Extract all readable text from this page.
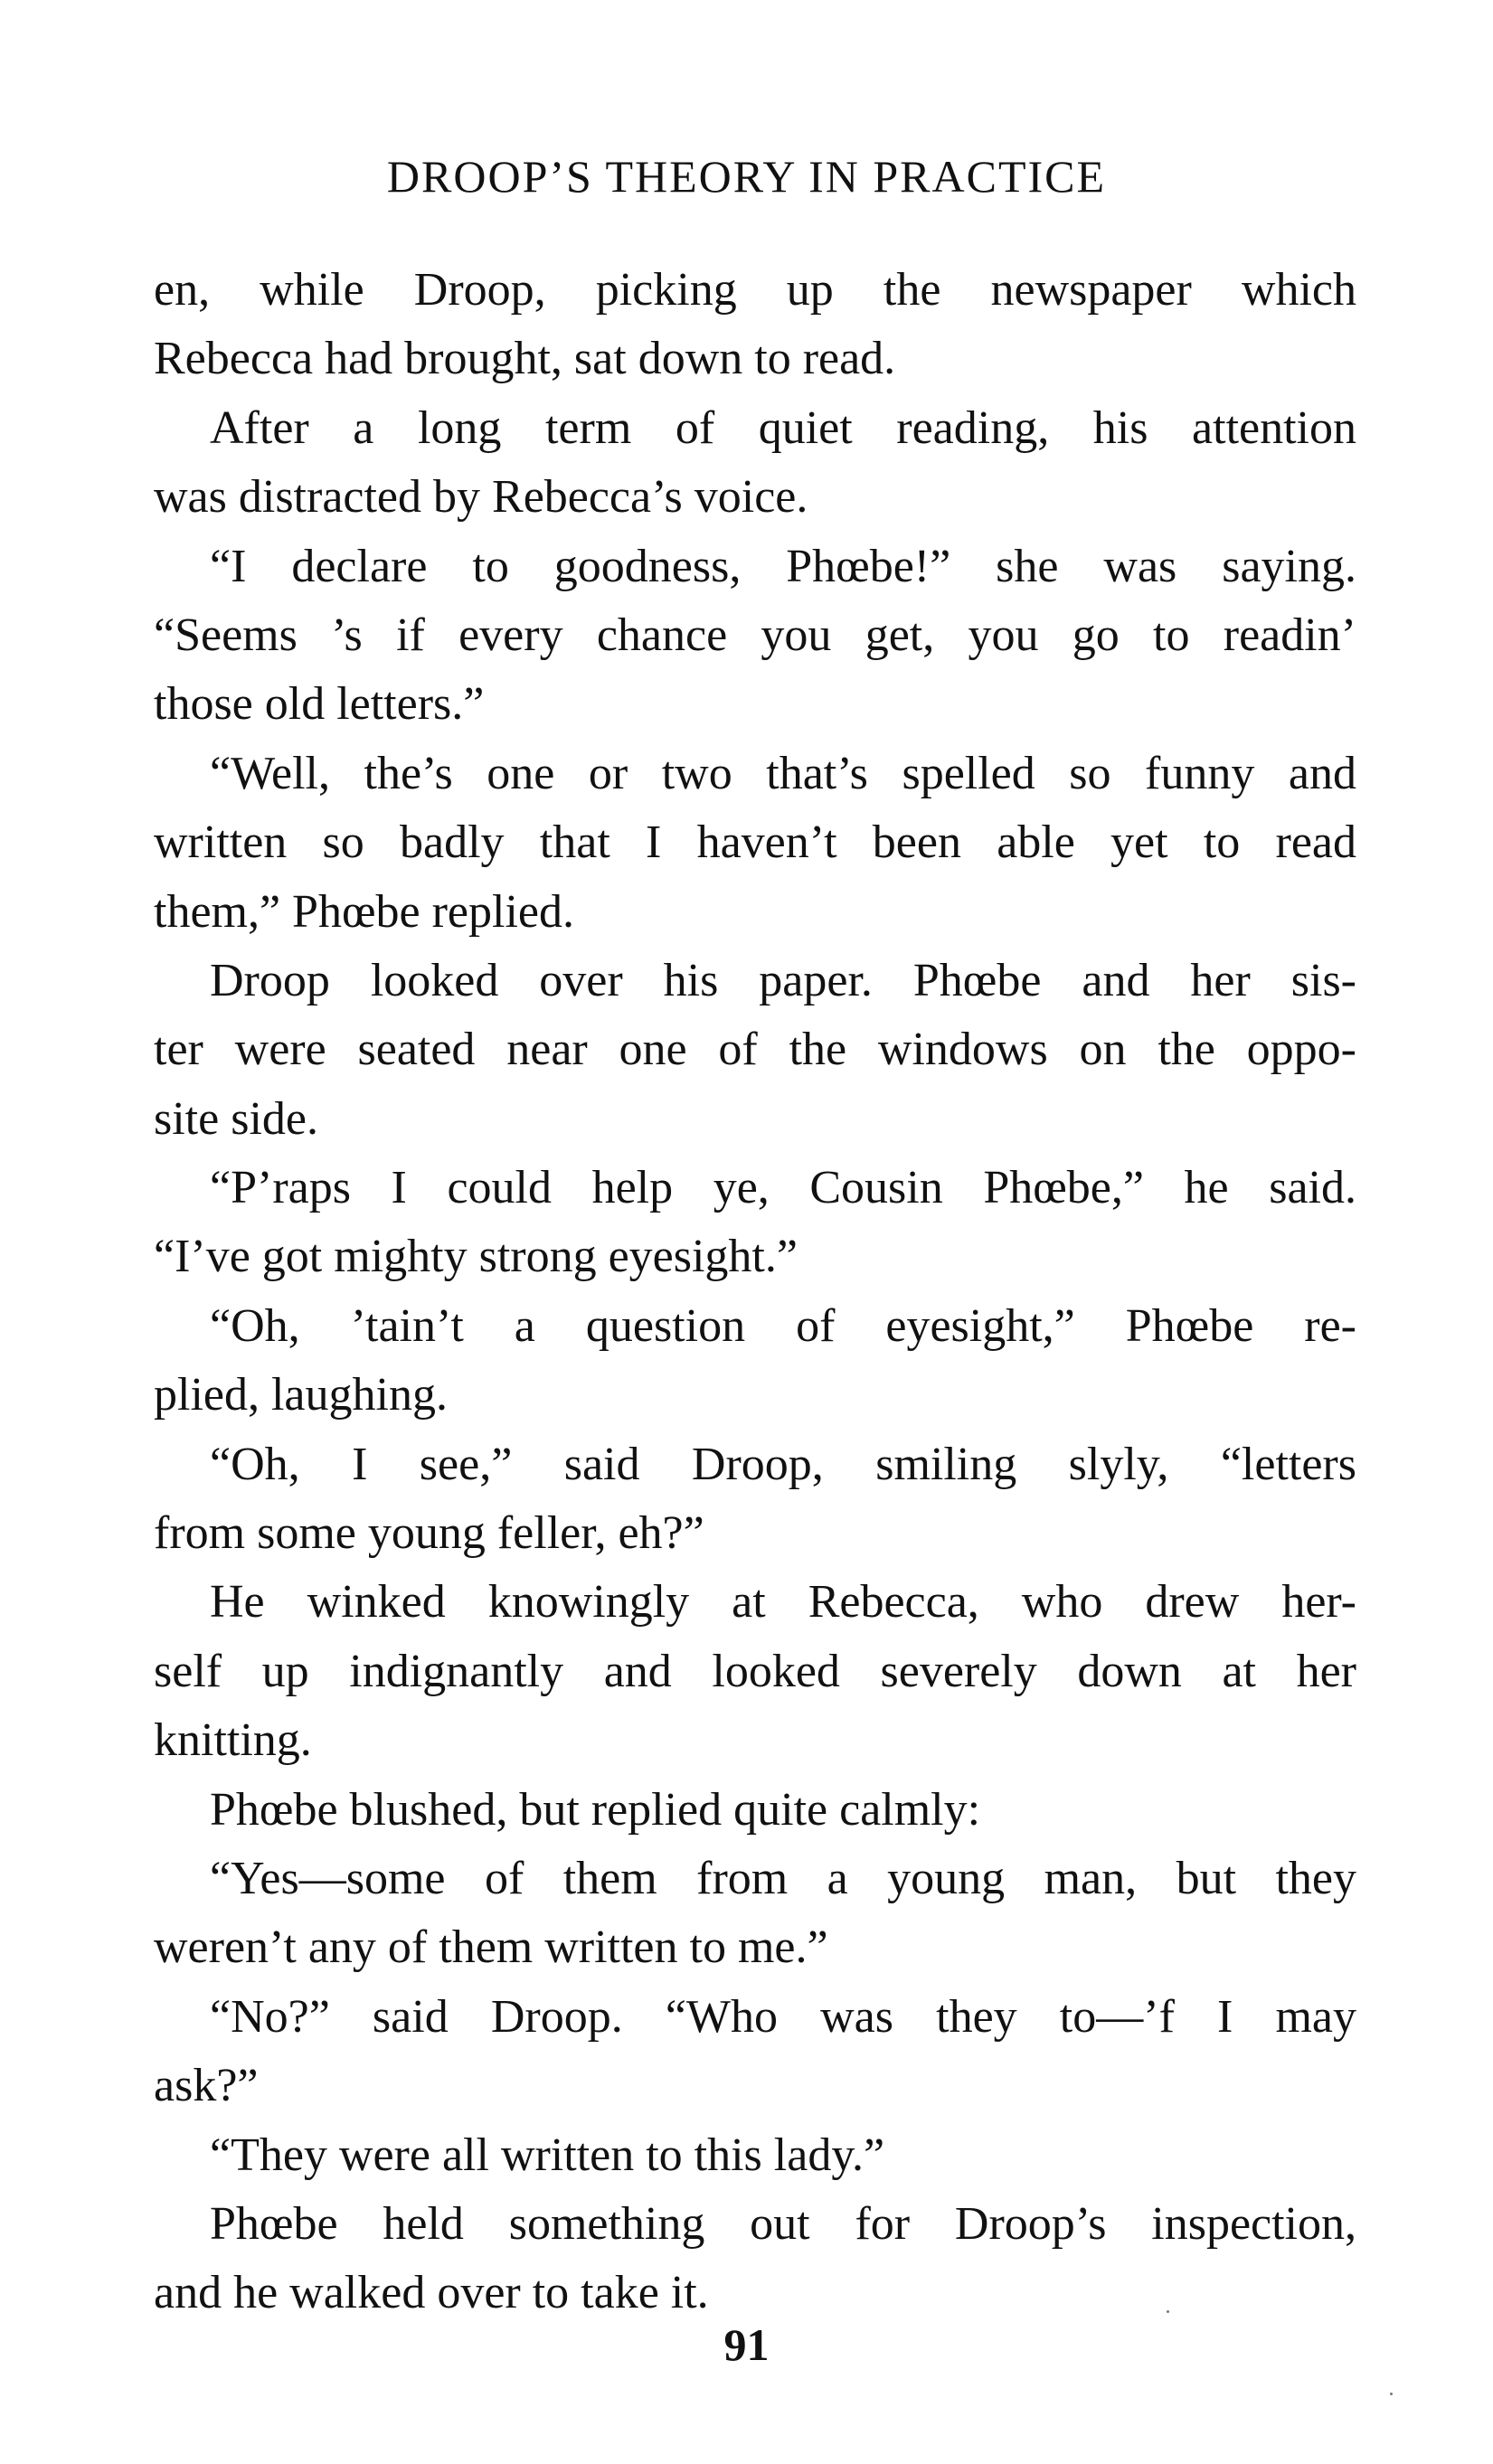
DROOP’S THEORY IN PRACTICE
en, while Droop, picking up the newspaper which
Rebecca had brought, sat down to read.
After a long term of quiet reading, his attention
was distracted by Rebecca’s voice.
“I declare to goodness, Phœbe!” she was saying.
“Seems ’s if every chance you get, you go to readin’
those old letters.”
“Well, the’s one or two that’s spelled so funny and
written so badly that I haven’t been able yet to read
them,” Phœbe replied.
Droop looked over his paper. Phœbe and her sis-
ter were seated near one of the windows on the oppo-
site side.
“P’raps I could help ye, Cousin Phœbe,” he said.
“I’ve got mighty strong eyesight.”
“Oh, ’tain’t a question of eyesight,” Phœbe re-
plied, laughing.
“Oh, I see,” said Droop, smiling slyly, “letters
from some young feller, eh?”
He winked knowingly at Rebecca, who drew her-
self up indignantly and looked severely down at her
knitting.
Phœbe blushed, but replied quite calmly:
“Yes—some of them from a young man, but they
weren’t any of them written to me.”
“No?” said Droop. “Who was they to—’f I may
ask?”
“They were all written to this lady.”
Phœbe held something out for Droop’s inspection,
and he walked over to take it.
91
